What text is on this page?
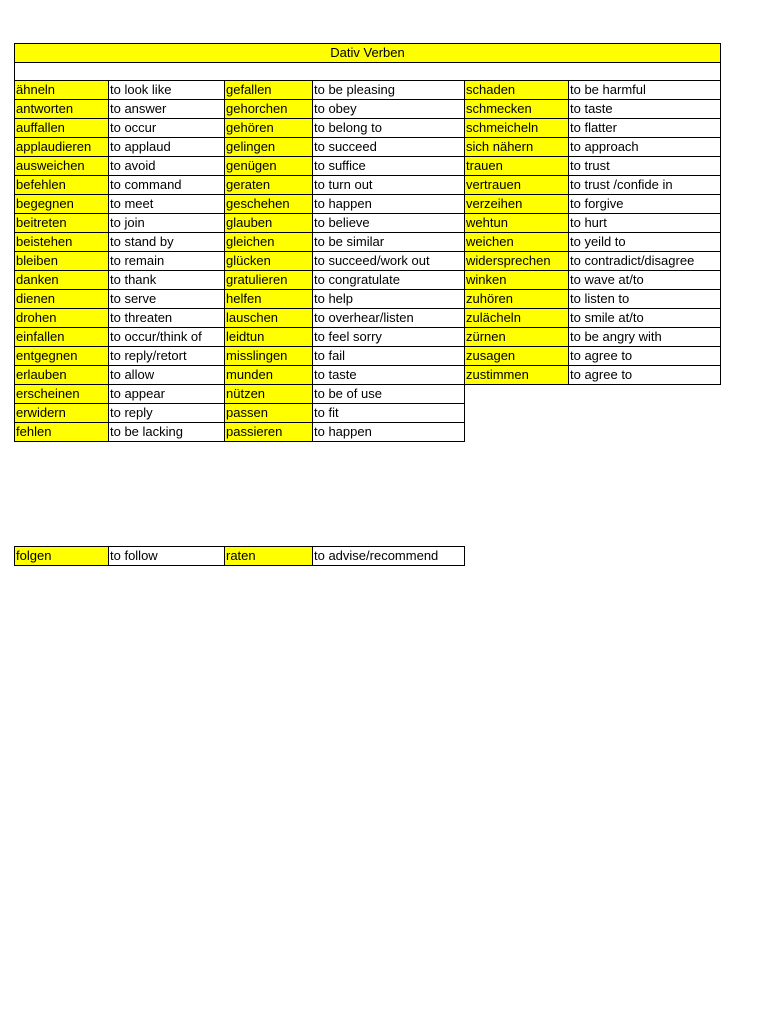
Dativ Verben					

ähneln	to look like	gefallen	to be pleasing	schaden	to be harmful
antworten	to answer	gehorchen	to obey	schmecken	to taste
auffallen	to occur	gehören	to belong to	schmeicheln	to flatter
applaudieren	to applaud	gelingen	to succeed	sich nähern	to approach
ausweichen	to avoid	genügen	to suffice	trauen	to trust
befehlen	to command	geraten	to turn out	vertrauen	to trust /confide in
begegnen	to meet	geschehen	to happen	verzeihen	to forgive
beitreten	to join	glauben	to believe	wehtun	to hurt
beistehen	to stand by	gleichen	to be similar	weichen	to yeild to
bleiben	to remain	glücken	to succeed/work out	widersprechen	to contradict/disagree
danken	to thank	gratulieren	to congratulate	winken	to wave at/to
dienen	to serve	helfen	to help	zuhören	to listen to
drohen	to threaten	lauschen	to overhear/listen	zulächeln	to smile at/to
einfallen	to occur/think of	leidtun	to feel sorry	zürnen	to be angry with
entgegnen	to reply/retort	misslingen	to fail	zusagen	to agree to
erlauben	to allow	munden	to taste	zustimmen	to agree to
erscheinen	to appear	nützen	to be of use		
erwidern	to reply	passen	to fit		
fehlen	to be lacking	passieren	to happen		
folgen	to follow	raten	to advise/recommend
